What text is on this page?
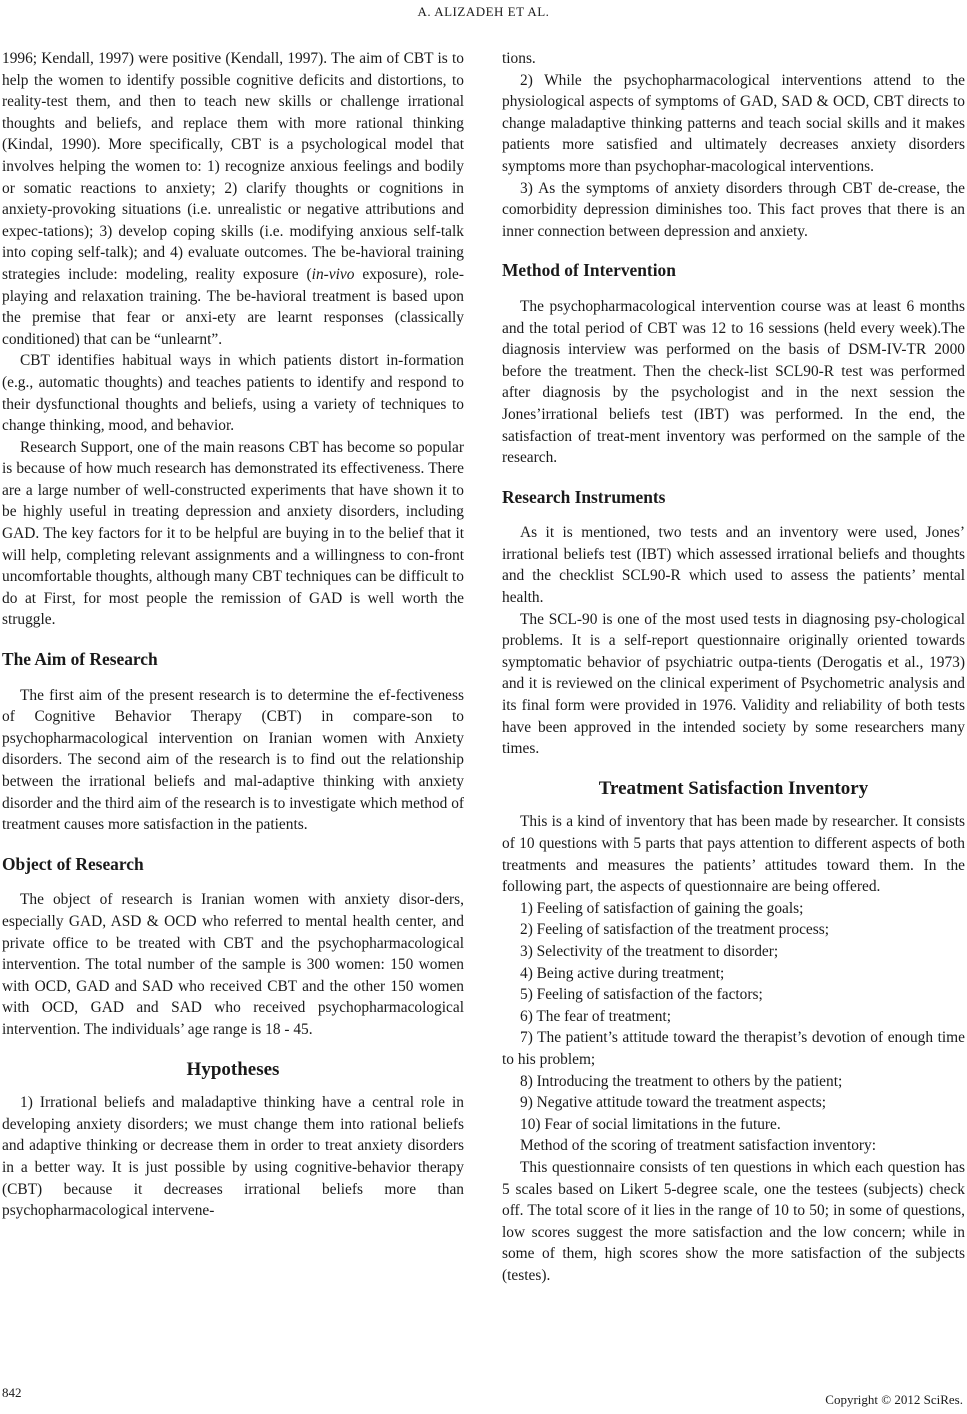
A. ALIZADEH ET AL.

1996; Kendall, 1997) were positive (Kendall, 1997). The aim of CBT is to help the women to identify possible cognitive deficits and distortions, to reality-test them, and then to teach new skills or challenge irrational thoughts and beliefs, and replace them with more rational thinking (Kindal, 1990). More specifically, CBT is a psychological model that involves helping the women to: 1) recognize anxious feelings and bodily or somatic reactions to anxiety; 2) clarify thoughts or cognitions in anxiety-provoking situations (i.e. unrealistic or negative attributions and expec-tations); 3) develop coping skills (i.e. modifying anxious self-talk into coping self-talk); and 4) evaluate outcomes. The be-havioral training strategies include: modeling, reality exposure (in-vivo exposure), role-playing and relaxation training. The be-havioral treatment is based upon the premise that fear or anxi-ety are learnt responses (classically conditioned) that can be “unlearnt”.

CBT identifies habitual ways in which patients distort in-formation (e.g., automatic thoughts) and teaches patients to identify and respond to their dysfunctional thoughts and beliefs, using a variety of techniques to change thinking, mood, and behavior.

Research Support, one of the main reasons CBT has become so popular is because of how much research has demonstrated its effectiveness. There are a large number of well-constructed experiments that have shown it to be highly useful in treating depression and anxiety disorders, including GAD. The key factors for it to be helpful are buying in to the belief that it will help, completing relevant assignments and a willingness to con-front uncomfortable thoughts, although many CBT techniques can be difficult to do at First, for most people the remission of GAD is well worth the struggle.

The Aim of Research

The first aim of the present research is to determine the ef-fectiveness of Cognitive Behavior Therapy (CBT) in compare-son to psychopharmacological intervention on Iranian women with Anxiety disorders. The second aim of the research is to find out the relationship between the irrational beliefs and mal-adaptive thinking with anxiety disorder and the third aim of the research is to investigate which method of treatment causes more satisfaction in the patients.

Object of Research

The object of research is Iranian women with anxiety disor-ders, especially GAD, ASD & OCD who referred to mental health center, and private office to be treated with CBT and the psychopharmacological intervention. The total number of the sample is 300 women: 150 women with OCD, GAD and SAD who received CBT and the other 150 women with OCD, GAD and SAD who received psychopharmacological intervention. The individuals’ age range is 18 - 45.

Hypotheses

1) Irrational beliefs and maladaptive thinking have a central role in developing anxiety disorders; we must change them into rational beliefs and adaptive thinking or decrease them in order to treat anxiety disorders in a better way. It is just possible by using cognitive-behavior therapy (CBT) because it decreases irrational beliefs more than psychopharmacological intervene-

tions.

2) While the psychopharmacological interventions attend to the physiological aspects of symptoms of GAD, SAD & OCD, CBT directs to change maladaptive thinking patterns and teach social skills and it makes patients more satisfied and ultimately decreases anxiety disorders symptoms more than psychophar-macological interventions.

3) As the symptoms of anxiety disorders through CBT de-crease, the comorbidity depression diminishes too. This fact proves that there is an inner connection between depression and anxiety.

Method of Intervention

The psychopharmacological intervention course was at least 6 months and the total period of CBT was 12 to 16 sessions (held every week).The diagnosis interview was performed on the basis of DSM-IV-TR 2000 before the treatment. Then the check-list SCL90-R test was performed after diagnosis by the psychologist and in the next session the Jones’irrational beliefs test (IBT) was performed. In the end, the satisfaction of treat-ment inventory was performed on the sample of the research.

Research Instruments

As it is mentioned, two tests and an inventory were used, Jones’ irrational beliefs test (IBT) which assessed irrational beliefs and thoughts and the checklist SCL90-R which used to assess the patients’ mental health.

The SCL-90 is one of the most used tests in diagnosing psy-chological problems. It is a self-report questionnaire originally oriented towards symptomatic behavior of psychiatric outpa-tients (Derogatis et al., 1973) and it is reviewed on the clinical experiment of Psychometric analysis and its final form were provided in 1976. Validity and reliability of both tests have been approved in the intended society by some researchers many times.

Treatment Satisfaction Inventory

This is a kind of inventory that has been made by researcher. It consists of 10 questions with 5 parts that pays attention to different aspects of both treatments and measures the patients’ attitudes toward them. In the following part, the aspects of questionnaire are being offered.

1) Feeling of satisfaction of gaining the goals;

2) Feeling of satisfaction of the treatment process;

3) Selectivity of the treatment to disorder;

4) Being active during treatment;

5) Feeling of satisfaction of the factors;

6) The fear of treatment;

7) The patient’s attitude toward the therapist’s devotion of enough time to his problem;

8) Introducing the treatment to others by the patient;

9) Negative attitude toward the treatment aspects;

10) Fear of social limitations in the future.

Method of the scoring of treatment satisfaction inventory:

This questionnaire consists of ten questions in which each question has 5 scales based on Likert 5-degree scale, one the testees (subjects) check off. The total score of it lies in the range of 10 to 50; in some of questions, low scores suggest the more satisfaction and the low concern; while in some of them, high scores show the more satisfaction of the subjects (testes).

842	Copyright © 2012 SciRes.
